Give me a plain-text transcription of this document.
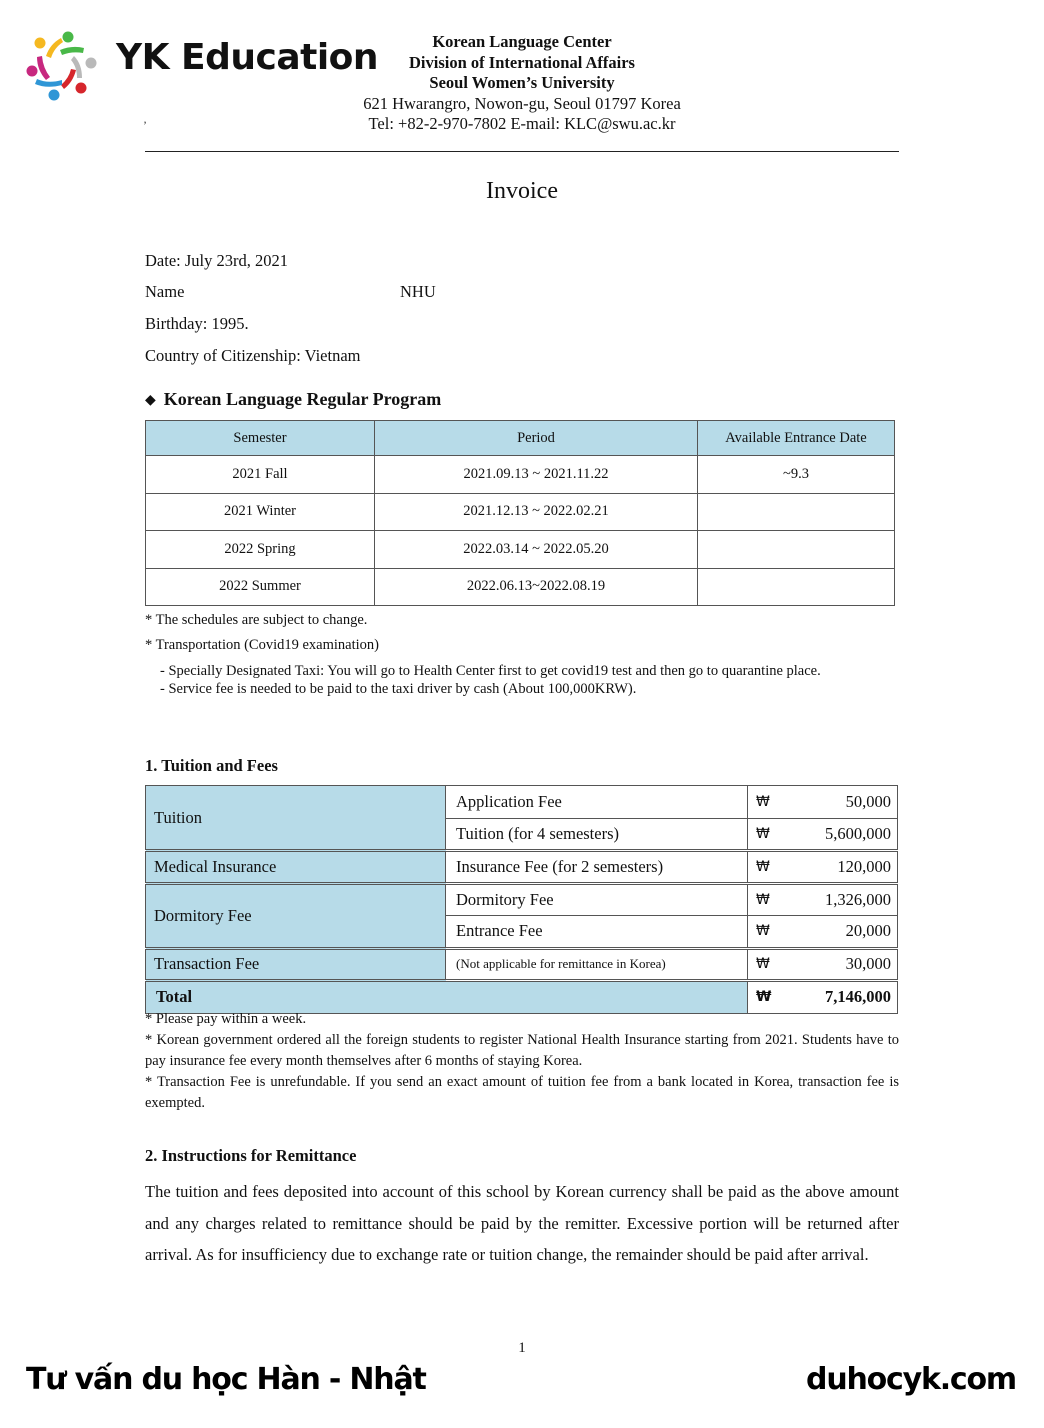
YK Education	Korean Language Center
Division of International Affairs
Seoul Women’s University
621 Hwarangro, Nowon-gu, Seoul 01797 Korea
Tel: +82-2-970-7802 E-mail: KLC@swu.ac.kr
’
Invoice
Date: July 23rd, 2021
Name	NHU
Birthday: 1995.
Country of Citizenship: Vietnam
◆ Korean Language Regular Program
Semester	Period	Available Entrance Date
2021 Fall	2021.09.13 ~ 2021.11.22	~9.3
2021 Winter	2021.12.13 ~ 2022.02.21	
2022 Spring	2022.03.14 ~ 2022.05.20	
2022 Summer	2022.06.13~2022.08.19	
* The schedules are subject to change.
* Transportation (Covid19 examination)
- Specially Designated Taxi: You will go to Health Center first to get covid19 test and then go to quarantine place.
- Service fee is needed to be paid to the taxi driver by cash (About 100,000KRW).
1. Tuition and Fees
Tuition	Application Fee	₩	50,000
	Tuition (for 4 semesters)	₩	5,600,000
Medical Insurance	Insurance Fee (for 2 semesters)	₩	120,000
Dormitory Fee	Dormitory Fee	₩	1,326,000
	Entrance Fee	₩	20,000
Transaction Fee	(Not applicable for remittance in Korea)	₩	30,000
Total		₩	7,146,000
* Please pay within a week.
* Korean government ordered all the foreign students to register National Health Insurance starting from 2021. Students have to pay insurance fee every month themselves after 6 months of staying Korea.
* Transaction Fee is unrefundable. If you send an exact amount of tuition fee from a bank located in Korea, transaction fee is exempted.
2. Instructions for Remittance
The tuition and fees deposited into account of this school by Korean currency shall be paid as the above amount and any charges related to remittance should be paid by the remitter. Excessive portion will be returned after arrival. As for insufficiency due to exchange rate or tuition change, the remainder should be paid after arrival.
1
Tư vấn du học Hàn - Nhật	duhocyk.com
